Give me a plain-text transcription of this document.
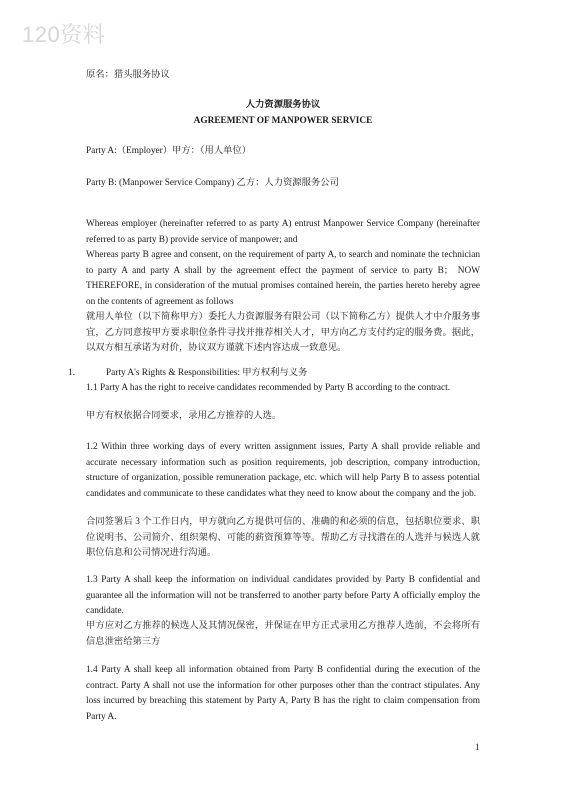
120资料

原名：猎头服务协议

人力资源服务协议

AGREEMENT OF MANPOWER SERVICE

Party A:（Employer）甲方：（用人单位）

Party B: (Manpower Service Company) 乙方：人力资源服务公司

Whereas employer (hereinafter referred to as party A) entrust Manpower Service Company (hereinafter referred to as party B) provide service of manpower; and

Whereas party B agree and consent, on the requirement of party A, to search and nominate the technician to party A and party A shall by the agreement effect the payment of service to party B； NOW THEREFORE, in consideration of the mutual promises contained herein, the parties hereto hereby agree on the contents of agreement as follows

就用人单位（以下简称甲方）委托人力资源服务有限公司（以下简称乙方）提供人才中介服务事宜，乙方同意按甲方要求职位条件寻找并推荐相关人才，甲方向乙方支付约定的服务费。据此，以双方相互承诺为对价，协议双方谨就下述内容达成一致意见。

1.	Party A's Rights & Responsibilities: 甲方权利与义务

1.1 Party A has the right to receive candidates recommended by Party B according to the contract.

甲方有权依据合同要求，录用乙方推荐的人选。

1.2 Within three working days of every written assignment issues, Party A shall provide reliable and accurate necessary information such as position requirements, job description, company introduction, structure of organization, possible remuneration package, etc. which will help Party B to assess potential candidates and communicate to these candidates what they need to know about the company and the job.

合同签署后 3 个工作日内，甲方就向乙方提供可信的、准确的和必须的信息，包括职位要求、职位说明书、公司简介、组织架构、可能的薪资预算等等。帮助乙方寻找潜在的人选并与候选人就职位信息和公司情况进行沟通。

1.3 Party A shall keep the information on individual candidates provided by Party B confidential and guarantee all the information will not be transferred to another party before Party A officially employ the candidate.

甲方应对乙方推荐的候选人及其情况保密，并保证在甲方正式录用乙方推荐人选前，不会将所有信息泄密给第三方

1.4 Party A shall keep all information obtained from Party B confidential during the execution of the contract. Party A shall not use the information for other purposes other than the contract stipulates. Any loss incurred by breaching this statement by Party A, Party B has the right to claim compensation from Party A.

1
